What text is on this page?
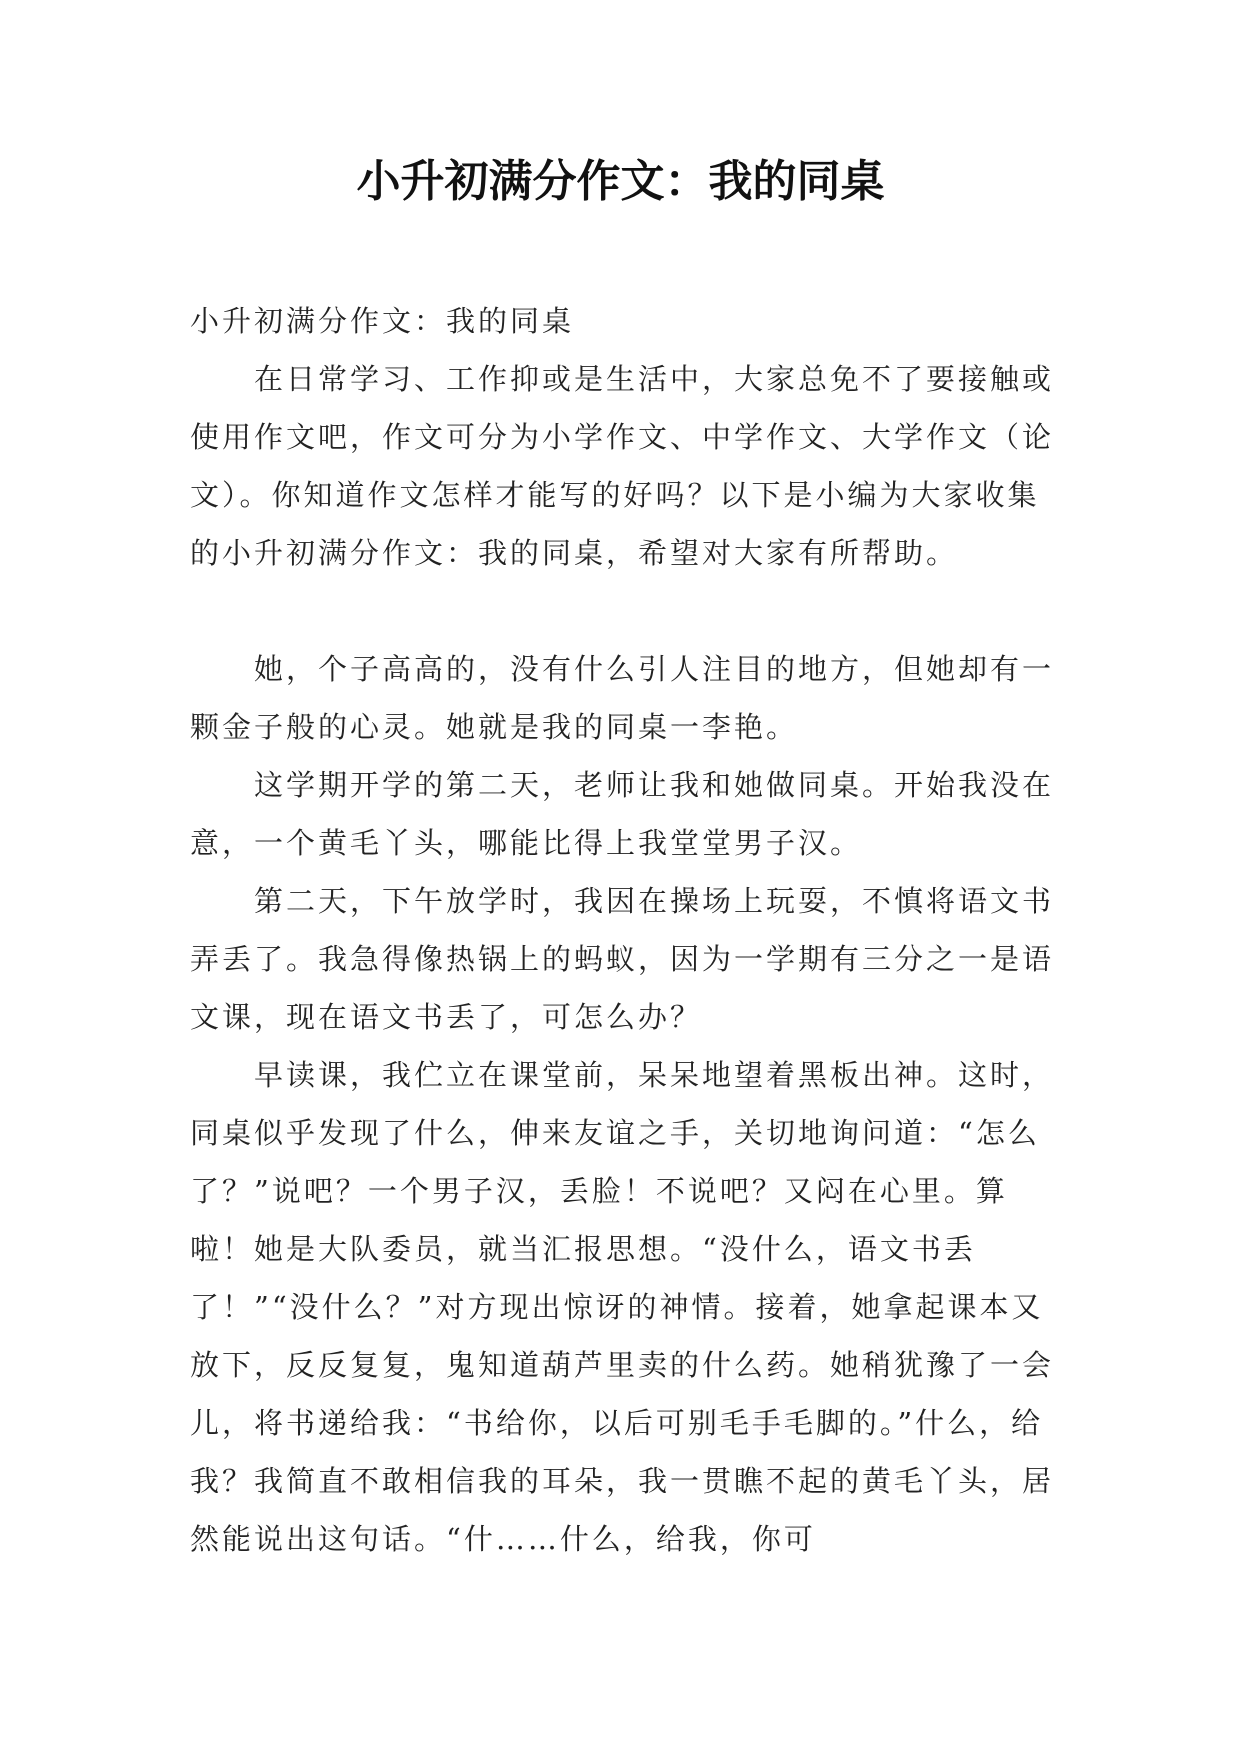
小升初满分作文：我的同桌

小升初满分作文：我的同桌

在日常学习、工作抑或是生活中，大家总免不了要接触或使用作文吧，作文可分为小学作文、中学作文、大学作文（论文）。你知道作文怎样才能写的好吗？以下是小编为大家收集的小升初满分作文：我的同桌，希望对大家有所帮助。

她，个子高高的，没有什么引人注目的地方，但她却有一颗金子般的心灵。她就是我的同桌一李艳。

这学期开学的第二天，老师让我和她做同桌。开始我没在意，一个黄毛丫头，哪能比得上我堂堂男子汉。

第二天，下午放学时，我因在操场上玩耍，不慎将语文书弄丢了。我急得像热锅上的蚂蚁，因为一学期有三分之一是语文课，现在语文书丢了，可怎么办？

早读课，我伫立在课堂前，呆呆地望着黑板出神。这时，同桌似乎发现了什么，伸来友谊之手，关切地询问道：“怎么了？”说吧？一个男子汉，丢脸！不说吧？又闷在心里。算啦！她是大队委员，就当汇报思想。“没什么，语文书丢了！”“没什么？”对方现出惊讶的神情。接着，她拿起课本又放下，反反复复，鬼知道葫芦里卖的什么药。她稍犹豫了一会儿，将书递给我：“书给你，以后可别毛手毛脚的。”什么，给我？我简直不敢相信我的耳朵，我一贯瞧不起的黄毛丫头，居然能说出这句话。“什……什么，给我，你可
